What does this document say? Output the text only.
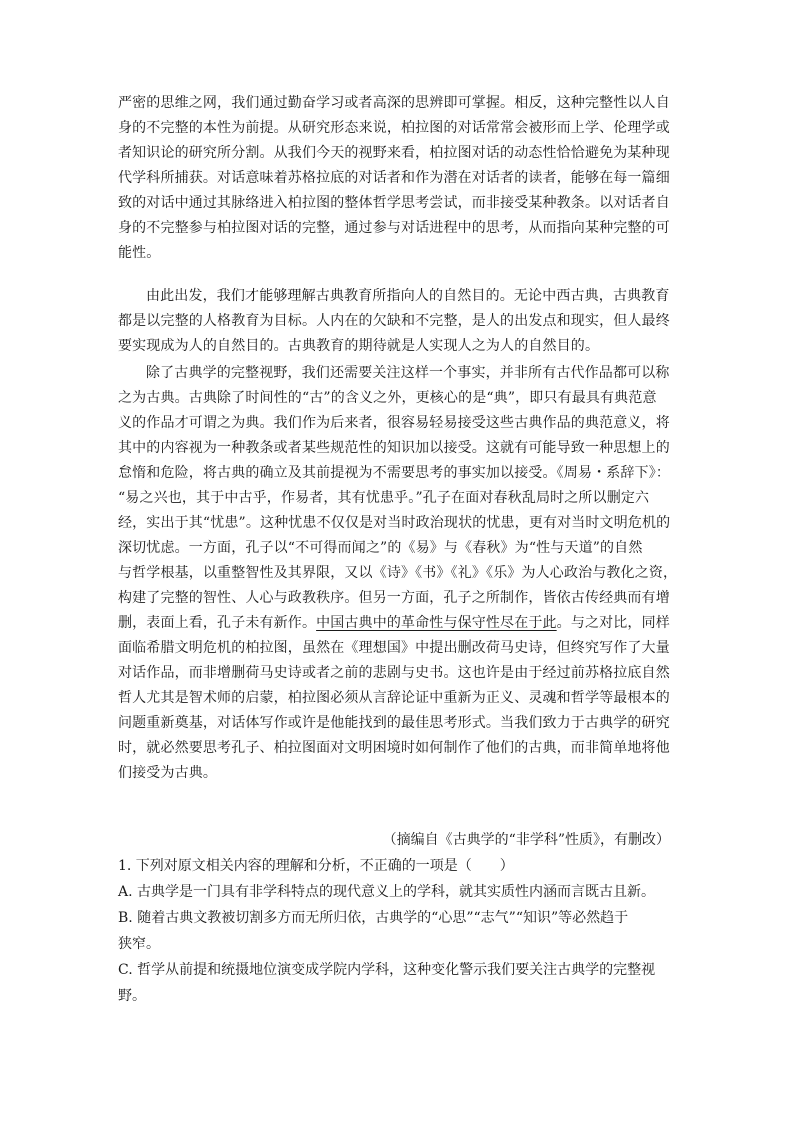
严密的思维之网，我们通过勤奋学习或者高深的思辨即可掌握。相反，这种完整性以人自
身的不完整的本性为前提。从研究形态来说，柏拉图的对话常常会被形而上学、伦理学或
者知识论的研究所分割。从我们今天的视野来看，柏拉图对话的动态性恰恰避免为某种现
代学科所捕获。对话意味着苏格拉底的对话者和作为潜在对话者的读者，能够在每一篇细
致的对话中通过其脉络进入柏拉图的整体哲学思考尝试，而非接受某种教条。以对话者自
身的不完整参与柏拉图对话的完整，通过参与对话进程中的思考，从而指向某种完整的可
能性。
由此出发，我们才能够理解古典教育所指向人的自然目的。无论中西古典，古典教育
都是以完整的人格教育为目标。人内在的欠缺和不完整，是人的出发点和现实，但人最终
要实现成为人的自然目的。古典教育的期待就是人实现人之为人的自然目的。
除了古典学的完整视野，我们还需要关注这样一个事实，并非所有古代作品都可以称
之为古典。古典除了时间性的“古”的含义之外，更核心的是“典”，即只有最具有典范意
义的作品才可谓之为典。我们作为后来者，很容易轻易接受这些古典作品的典范意义，将
其中的内容视为一种教条或者某些规范性的知识加以接受。这就有可能导致一种思想上的
怠惰和危险，将古典的确立及其前提视为不需要思考的事实加以接受。《周易・系辞下》：
“易之兴也，其于中古乎，作易者，其有忧患乎。”孔子在面对春秋乱局时之所以删定六
经，实出于其“忧患”。这种忧患不仅仅是对当时政治现状的忧患，更有对当时文明危机的
深切忧虑。一方面，孔子以“不可得而闻之”的《易》与《春秋》为“性与天道”的自然
与哲学根基，以重整智性及其界限，又以《诗》《书》《礼》《乐》为人心政治与教化之资，
构建了完整的智性、人心与政教秩序。但另一方面，孔子之所制作，皆依古传经典而有增
删，表面上看，孔子未有新作。中国古典中的革命性与保守性尽在于此。与之对比，同样
面临希腊文明危机的柏拉图，虽然在《理想国》中提出删改荷马史诗，但终究写作了大量
对话作品，而非增删荷马史诗或者之前的悲剧与史书。这也许是由于经过前苏格拉底自然
哲人尤其是智术师的启蒙，柏拉图必须从言辞论证中重新为正义、灵魂和哲学等最根本的
问题重新奠基，对话体写作或许是他能找到的最佳思考形式。当我们致力于古典学的研究
时，就必然要思考孔子、柏拉图面对文明困境时如何制作了他们的古典，而非简单地将他
们接受为古典。
（摘编自《古典学的“非学科”性质》，有删改）
1. 下列对原文相关内容的理解和分析，不正确的一项是（　　）
A. 古典学是一门具有非学科特点的现代意义上的学科，就其实质性内涵而言既古且新。
B. 随着古典文教被切割多方而无所归依，古典学的“心思”“志气”“知识”等必然趋于
狭窄。
C. 哲学从前提和统摄地位演变成学院内学科，这种变化警示我们要关注古典学的完整视
野。
